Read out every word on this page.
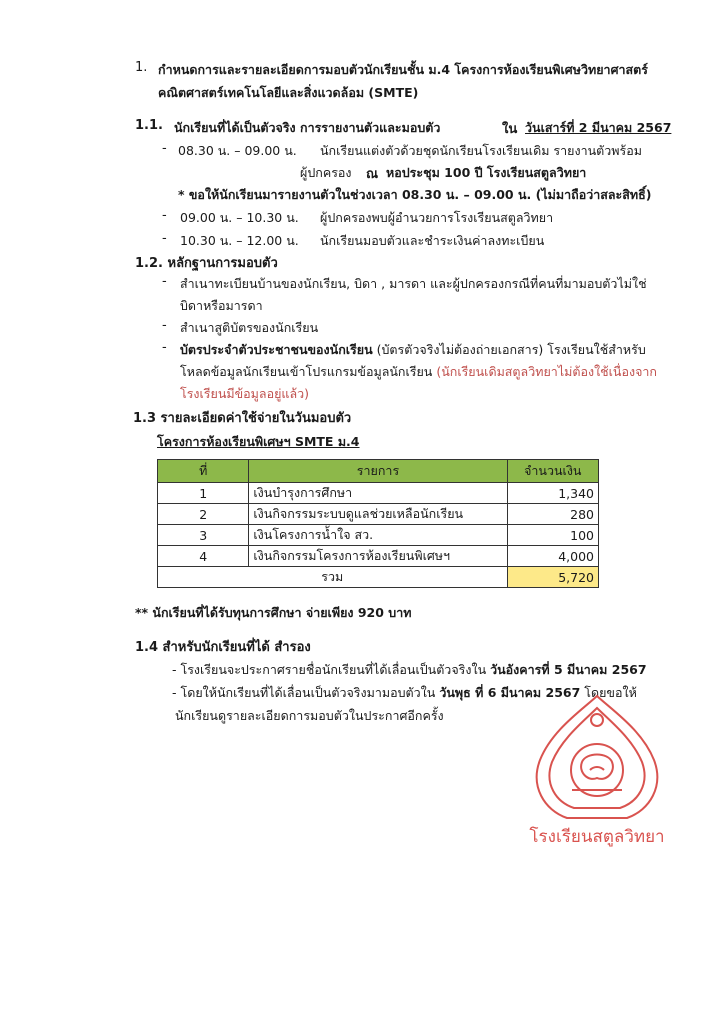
1. กำหนดการและรายละเอียดการมอบตัวนักเรียนชั้น ม.4 โครงการห้องเรียนพิเศษวิทยาศาสตร์
คณิตศาสตร์เทคโนโลยีและสิ่งแวดล้อม (SMTE)
1.1. นักเรียนที่ได้เป็นตัวจริง การรายงานตัวและมอบตัว	ใน วันเสาร์ที่ 2 มีนาคม 2567
- 08.30 น. – 09.00 น. นักเรียนแต่งตัวด้วยชุดนักเรียนโรงเรียนเดิม รายงานตัวพร้อม
ผู้ปกครอง ณ หอประชุม 100 ปี โรงเรียนสตูลวิทยา
* ขอให้นักเรียนมารายงานตัวในช่วงเวลา 08.30 น. – 09.00 น. (ไม่มาถือว่าสละสิทธิ์)
- 09.00 น. – 10.30 น. ผู้ปกครองพบผู้อำนวยการโรงเรียนสตูลวิทยา
- 10.30 น. – 12.00 น. นักเรียนมอบตัวและชำระเงินค่าลงทะเบียน
1.2. หลักฐานการมอบตัว
- สำเนาทะเบียนบ้านของนักเรียน, บิดา , มารดา และผู้ปกครองกรณีที่คนที่มามอบตัวไม่ใช่
บิดาหรือมารดา
- สำเนาสูติบัตรของนักเรียน
- บัตรประจำตัวประชาชนของนักเรียน (บัตรตัวจริงไม่ต้องถ่ายเอกสาร) โรงเรียนใช้สำหรับ
โหลดข้อมูลนักเรียนเข้าโปรแกรมข้อมูลนักเรียน (นักเรียนเดิมสตูลวิทยาไม่ต้องใช้เนื่องจาก
โรงเรียนมีข้อมูลอยู่แล้ว)
1.3 รายละเอียดค่าใช้จ่ายในวันมอบตัว
โครงการห้องเรียนพิเศษฯ SMTE ม.4
ที่	รายการ	จำนวนเงิน
1	เงินบำรุงการศึกษา	1,340
2	เงินกิจกรรมระบบดูแลช่วยเหลือนักเรียน	280
3	เงินโครงการน้ำใจ สว.	100
4	เงินกิจกรรมโครงการห้องเรียนพิเศษฯ	4,000
รวม		5,720
** นักเรียนที่ได้รับทุนการศึกษา จ่ายเพียง 920 บาท
1.4 สำหรับนักเรียนที่ได้ สำรอง
- โรงเรียนจะประกาศรายชื่อนักเรียนที่ได้เลื่อนเป็นตัวจริงใน วันอังคารที่ 5 มีนาคม 2567
- โดยให้นักเรียนที่ได้เลื่อนเป็นตัวจริงมามอบตัวใน วันพุธ ที่ 6 มีนาคม 2567 โดยขอให้
นักเรียนดูรายละเอียดการมอบตัวในประกาศอีกครั้ง
โรงเรียนสตูลวิทยา
